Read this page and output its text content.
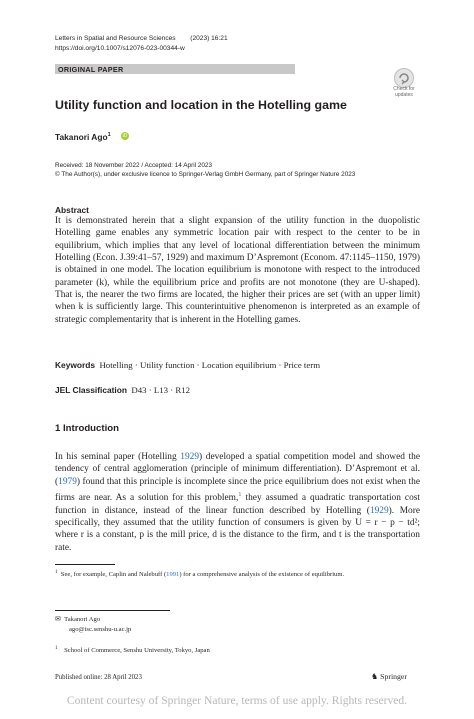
Letters in Spatial and Resource Sciences (2023) 16:21
https://doi.org/10.1007/s12076-023-00344-w
ORIGINAL PAPER
Check for
updates
Utility function and location in the Hotelling game
Takanori Ago$^1$	iD
Received: 18 November 2022 / Accepted: 14 April 2023
© The Author(s), under exclusive licence to Springer-Verlag GmbH Germany, part of Springer Nature 2023
Abstract
It is demonstrated herein that a slight expansion of the utility function in the duopolistic Hotelling game enables any symmetric location pair with respect to the center to be in equilibrium, which implies that any level of locational differentiation between the minimum Hotelling (Econ. J.39:41–57, 1929) and maximum D’Aspremont (Econom. 47:1145–1150, 1979) is obtained in one model. The location equilibrium is monotone with respect to the introduced parameter (k), while the equilibrium price and profits are not monotone (they are U-shaped). That is, the nearer the two firms are located, the higher their prices are set (with an upper limit) when k is sufficiently large. This counterintuitive phenomenon is interpreted as an example of strategic complementarity that is inherent in the Hotelling games.
Keywords Hotelling · Utility function · Location equilibrium · Price term
JEL Classification D43 · L13 · R12
1 Introduction
In his seminal paper (Hotelling 1929) developed a spatial competition model and showed the tendency of central agglomeration (principle of minimum differentiation). D’Aspremont et al. (1979) found that this principle is incomplete since the price equilibrium does not exist when the firms are near. As a solution for this problem,$^1$ they assumed a quadratic transportation cost function in distance, instead of the linear function described by Hotelling (1929). More specifically, they assumed that the utility function of consumers is given by U = r − p − td²; where r is a constant, p is the mill price, d is the distance to the firm, and t is the transportation rate.
$^1$ See, for example, Caplin and Nalebuff (1991) for a comprehensive analysis of the existence of equilibrium.
✉ Takanori Ago
ago@isc.senshu-u.ac.jp
$^1$ School of Commerce, Senshu University, Tokyo, Japan
Published online: 28 April 2023	♞ Springer
Content courtesy of Springer Nature, terms of use apply. Rights reserved.
